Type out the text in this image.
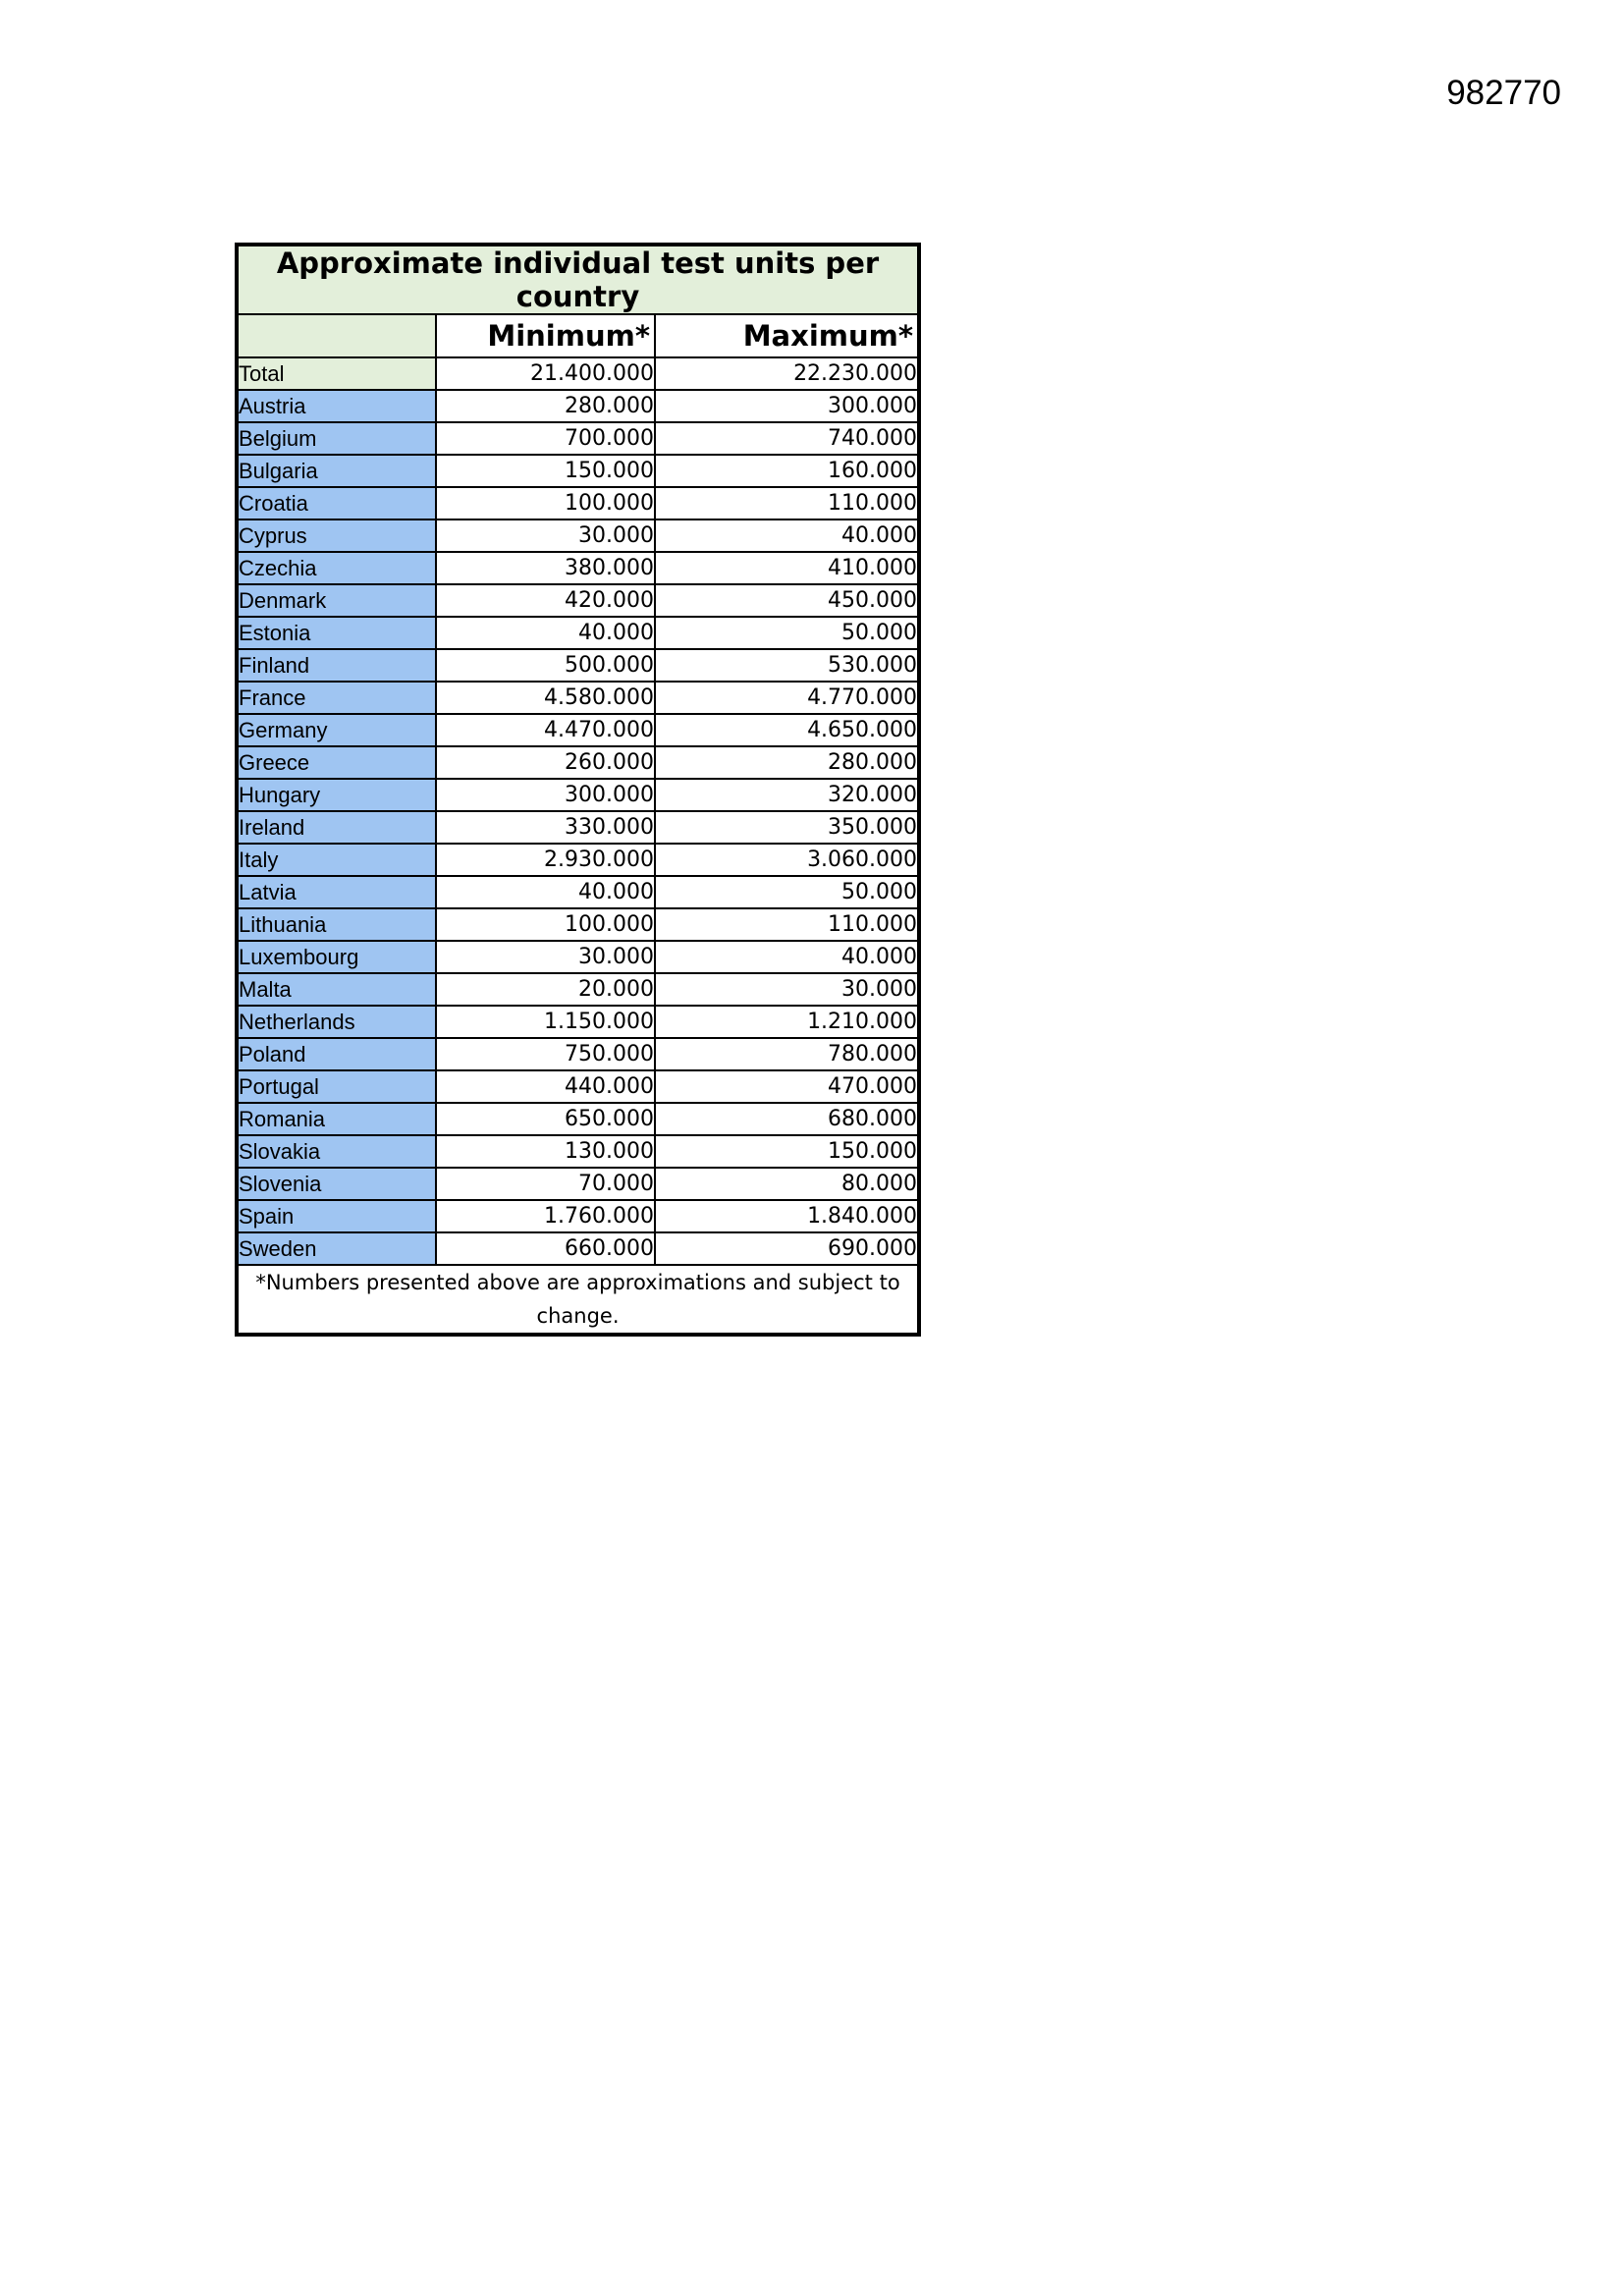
982770
Approximate individual test units per country		
	Minimum*	Maximum*
Total	21.400.000	22.230.000
Austria	280.000	300.000
Belgium	700.000	740.000
Bulgaria	150.000	160.000
Croatia	100.000	110.000
Cyprus	30.000	40.000
Czechia	380.000	410.000
Denmark	420.000	450.000
Estonia	40.000	50.000
Finland	500.000	530.000
France	4.580.000	4.770.000
Germany	4.470.000	4.650.000
Greece	260.000	280.000
Hungary	300.000	320.000
Ireland	330.000	350.000
Italy	2.930.000	3.060.000
Latvia	40.000	50.000
Lithuania	100.000	110.000
Luxembourg	30.000	40.000
Malta	20.000	30.000
Netherlands	1.150.000	1.210.000
Poland	750.000	780.000
Portugal	440.000	470.000
Romania	650.000	680.000
Slovakia	130.000	150.000
Slovenia	70.000	80.000
Spain	1.760.000	1.840.000
Sweden	660.000	690.000
*Numbers presented above are approximations and subject to change.		
